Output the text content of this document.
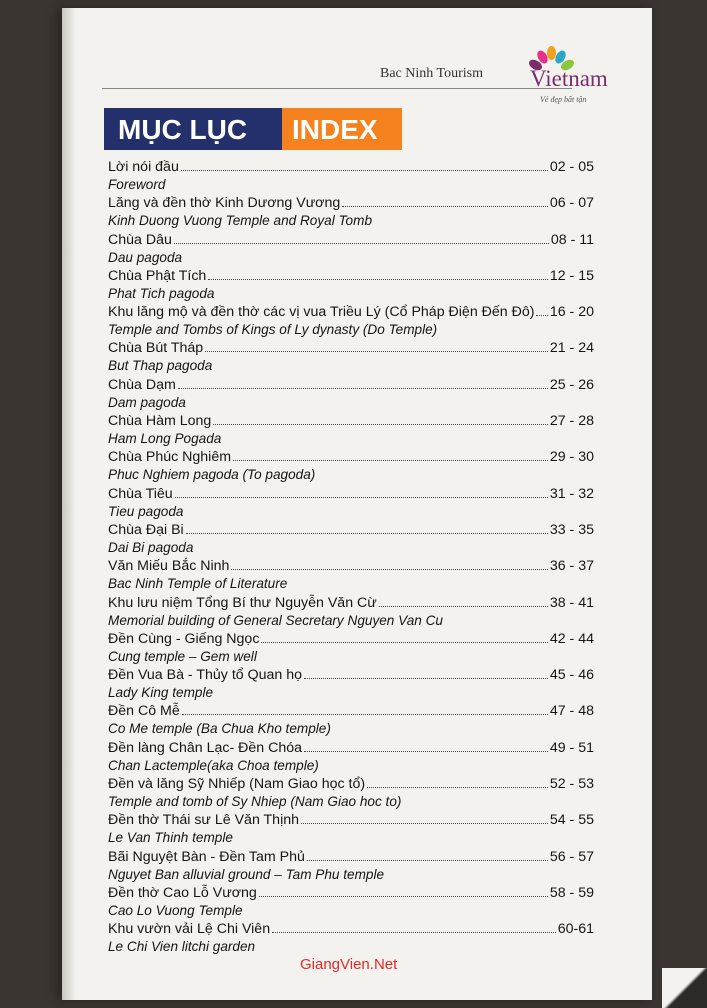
Bac Ninh Tourism Vietnam
Vẻ đẹp bất tận
MỤC LỤC	INDEX
Lời nói đầu	02 - 05
Foreword
Lăng và đền thờ Kinh Dương Vương	06 - 07
Kinh Duong Vuong Temple and Royal Tomb
Chùa Dâu	08 - 11
Dau pagoda
Chùa Phật Tích	12 - 15
Phat Tich pagoda
Khu lăng mộ và đền thờ các vị vua Triều Lý (Cổ Pháp Điện Đến Đô) 16 - 20
Temple and Tombs of Kings of Ly dynasty (Do Temple)
Chùa Bút Tháp	21 - 24
But Thap pagoda
Chùa Dạm	25 - 26
Dam pagoda
Chùa Hàm Long	27 - 28
Ham Long Pogada
Chùa Phúc Nghiêm	29 - 30
Phuc Nghiem pagoda (To pagoda)
Chùa Tiêu	31 - 32
Tieu pagoda
Chùa Đại Bi	33 - 35
Dai Bi pagoda
Văn Miếu Bắc Ninh	36 - 37
Bac Ninh Temple of Literature
Khu lưu niệm Tổng Bí thư Nguyễn Văn Cừ	38 - 41
Memorial building of General Secretary Nguyen Van Cu
Đền Cùng - Giếng Ngọc	42 - 44
Cung temple – Gem well
Đền Vua Bà - Thủy tổ Quan họ	45 - 46
Lady King temple
Đền Cô Mễ	47 - 48
Co Me temple (Ba Chua Kho temple)
Đền làng Chân Lạc- Đền Chóa	49 - 51
Chan Lactemple(aka Choa temple)
Đền và lăng Sỹ Nhiếp (Nam Giao học tổ)	52 - 53
Temple and tomb of Sy Nhiep (Nam Giao hoc to)
Đền thờ Thái sư Lê Văn Thịnh	54 - 55
Le Van Thinh temple
Bãi Nguyệt Bàn - Đền Tam Phủ	56 - 57
Nguyet Ban alluvial ground – Tam Phu temple
Đền thờ Cao Lỗ Vương	58 - 59
Cao Lo Vuong Temple
Khu vườn vải Lệ Chi Viên	60-61
Le Chi Vien litchi garden
GiangVien.Net
